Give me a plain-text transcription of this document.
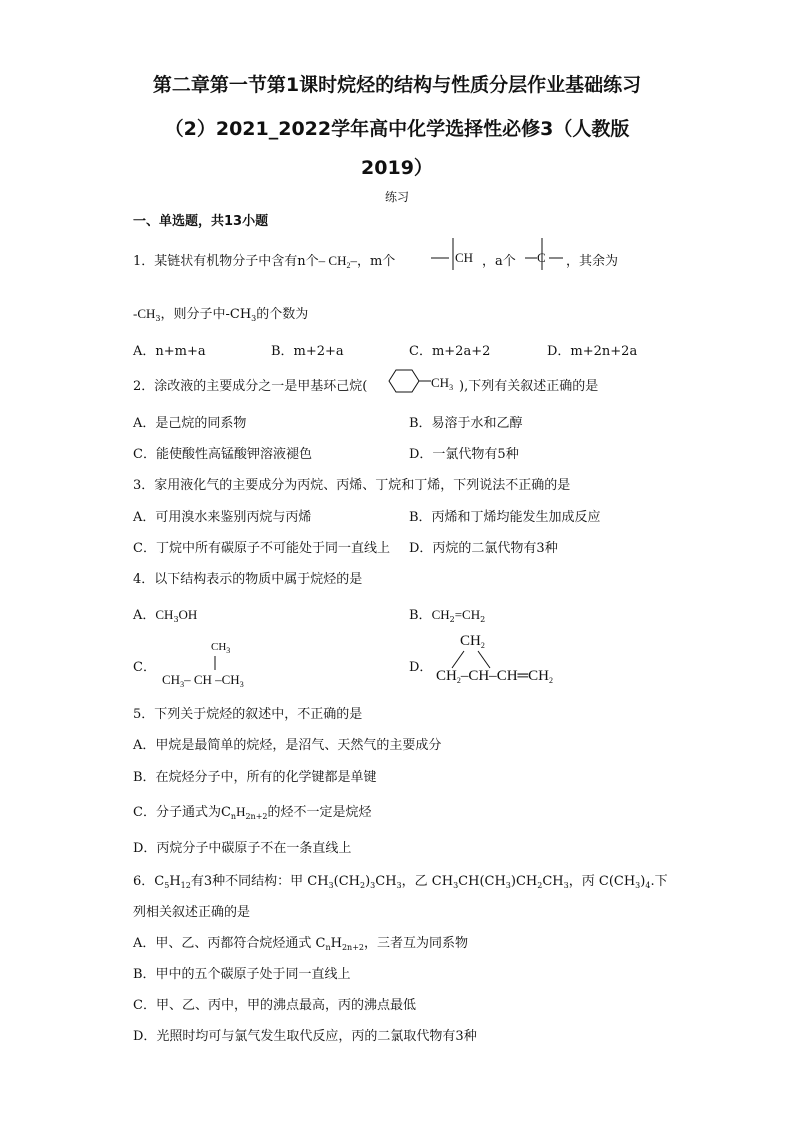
第二章第一节第1课时烷烃的结构与性质分层作业基础练习
（2）2021_2022学年高中化学选择性必修3（人教版
2019）
练习
一、单选题，共13小题
1．某链状有机物分子中含有n个– $CH_2-$，m个	CH ，a个 C ，其余为
$-CH_3$，则分子中$-CH_3$的个数为
A．n+m+a	B．m+2+a	C．m+2a+2	D．m+2n+2a
2．涂改液的主要成分之一是甲基环己烷(	$CH_3$ ),下列有关叙述正确的是
A．是己烷的同系物	B．易溶于水和乙醇
C．能使酸性高锰酸钾溶液褪色	D．一氯代物有5种
3．家用液化气的主要成分为丙烷、丙烯、丁烷和丁烯，下列说法不正确的是
A．可用溴水来鉴别丙烷与丙烯	B．丙烯和丁烯均能发生加成反应
C．丁烷中所有碳原子不可能处于同一直线上 D．丙烷的二氯代物有3种
4．以下结构表示的物质中属于烷烃的是
A．$CH_3OH$	B．$CH_2=CH_2$
C．
$CH_3$
$CH_3-$ CH $-CH_3$
D．
$CH_2$
$CH_2-CH-CH═CH_2$
5．下列关于烷烃的叙述中，不正确的是
A．甲烷是最简单的烷烃，是沼气、天然气的主要成分
B．在烷烃分子中，所有的化学键都是单键
C．分子通式为$C_nH_{2n+2}$的烃不一定是烷烃
D．丙烷分子中碳原子不在一条直线上
6．$C_5H_{12}$有3种不同结构：甲 $CH_3(CH_2)_3CH_3$，乙 $CH_3CH(CH_3)CH_2CH_3$，丙 $C(CH_3)_4$.下
列相关叙述正确的是
A．甲、乙、丙都符合烷烃通式 $C_nH_{2n+2}$，三者互为同系物
B．甲中的五个碳原子处于同一直线上
C．甲、乙、丙中，甲的沸点最高，丙的沸点最低
D．光照时均可与氯气发生取代反应，丙的二氯取代物有3种
